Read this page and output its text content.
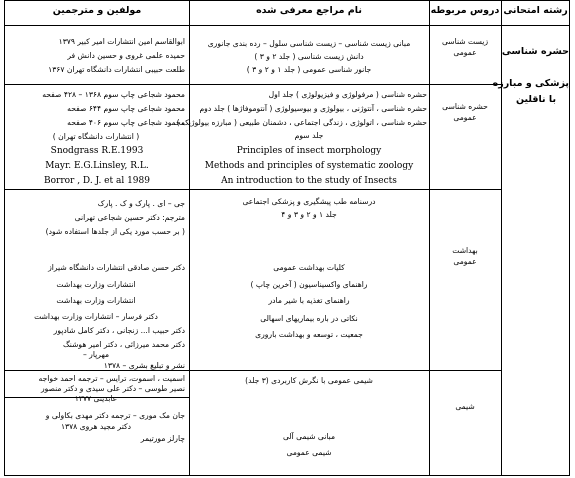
رشته امتحانی
دروس مربوطه
نام مراجع معرفی شده
مولفین و مترجمین
حشره شناسی
پزشکی و مبارزه
با ناقلین
زیست شناسی
عمومی
مبانی زیست شناسی – زیست شناسی سلول – رده بندی جانوری
دانش زیست شناسی ( جلد ۲ و ۳ )
جانور شناسی عمومی ( جلد ۱ و ۲ و ۳ )
ابوالقاسم امین انتشارات امیر کبیر ۱۳۷۹
حمیده علمی غروی و حسین دانش فر
طلعت حبیبی انتشارات دانشگاه تهران ۱۳۶۷
حشره شناسی
عمومی
حشره شناسی ( مرفولوژی و فیزیولوژی ) جلد اول
حشره شناسی ، آنتوژنی ، بیولوژی و بیوسیولوژی ( آنتوموفاژها ) جلد دوم
حشره شناسی ، اتولوژی ، زندگی اجتماعی ، دشمنان طبیعی ( مبارزه بیولوژیک )
جلد سوم
Principles of insect morphology
Methods and principles of systematic zoology
An introduction to the study of Insects
محمود شجاعی چاپ سوم ۱۳۶۸ – ۴۲۸ صفحه
محمود شجاعی چاپ سوم ۶۴۴ صفحه
محمود شجاعی چاپ سوم ۴۰۶ صفحه
( انتشارات دانشگاه تهران )
Snodgrass R.E.1993
Mayr. E.G.Linsley, R.L.
Borror , D. J. et al 1989
بهداشت
عمومی
درسنامه طب پیشگیری و پزشکی اجتماعی
جلد ۱ و ۲ و ۳ و ۴
کلیات بهداشت عمومی
راهنمای واکسیناسیون ( آخرین چاپ )
راهنمای تغذیه با شیر مادر
نکاتی در باره بیماریهای اسهالی
جمعیت ، توسعه و بهداشت باروری
جی – ای . پارک و ک . پارک
مترجم: دکتر حسین شجاعی تهرانی
( بر حسب مورد یکی از جلدها استفاده شود)
دکتر حسن صادقی انتشارات دانشگاه شیراز
انتشارات وزارت بهداشت
انتشارات وزارت بهداشت
دکتر فرسار – انتشارات وزارت بهداشت
دکتر حبیب ا... زنجانی ، دکتر کامل شادپور
دکتر محمد میرزائی ، دکتر امیر هوشنگ
مهرپار –
نشر و تبلیغ بشری – ۱۳۷۸
شیمی
شیمی عمومی با نگرش کاربردی (۳ جلد)
مبانی شیمی آلی
شیمی عمومی
اسمیت ، اسموت، ترایس – ترجمه احمد خواجه
نصیر طوسی – دکتر علی سیدی و دکتر منصور
عابدینی ۱۳۷۷
جان مک موری – ترجمه دکتر مهدی بکاولی و
دکتر مجید هروی ۱۳۷۸
چارلز مورتیمر
